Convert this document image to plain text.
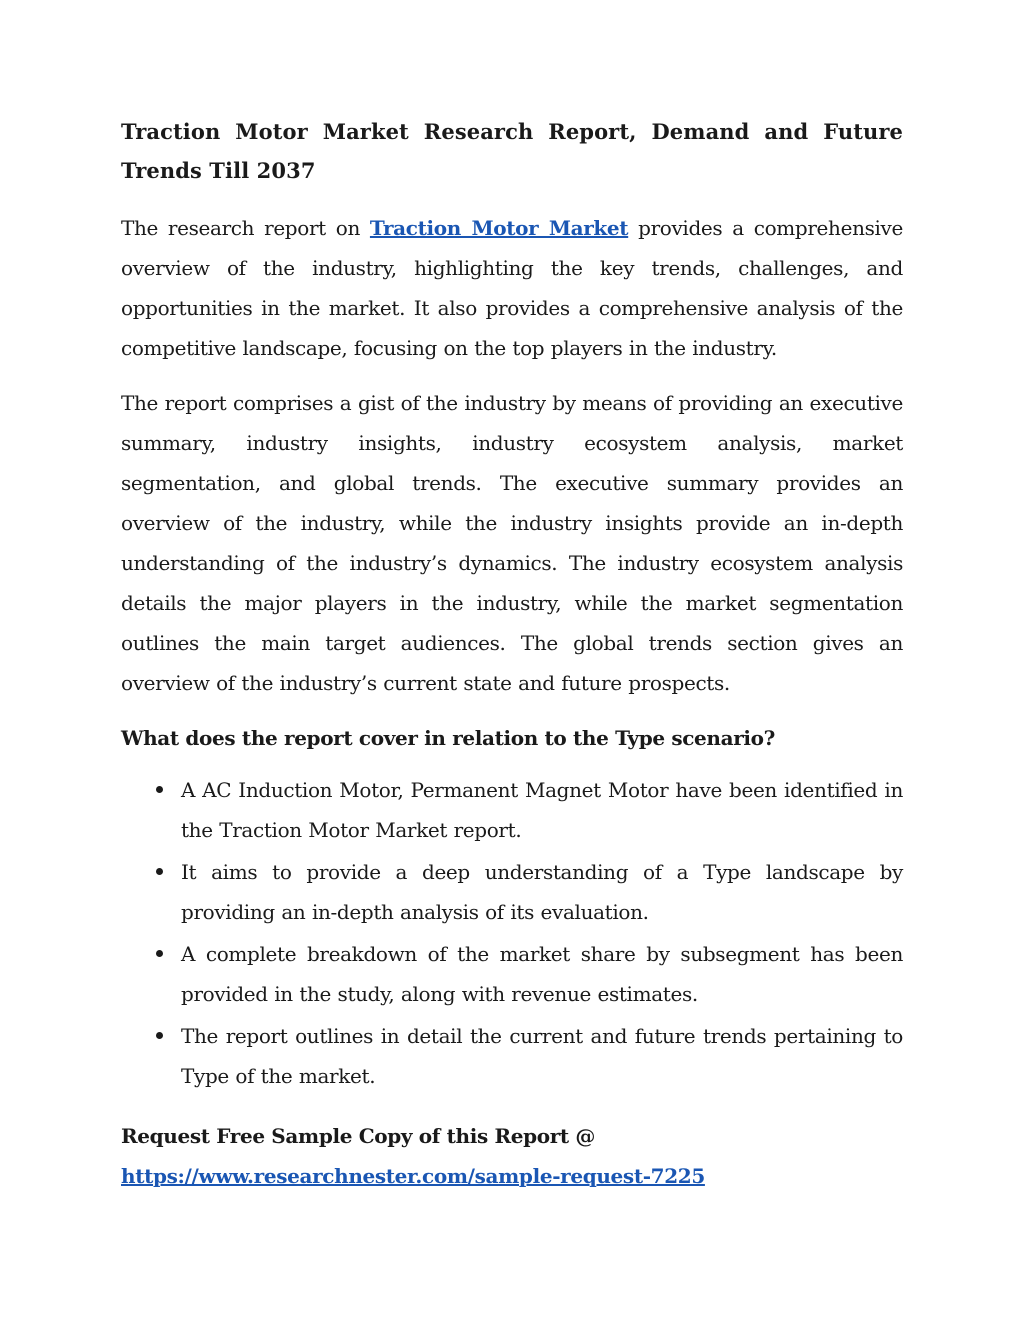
Traction Motor Market Research Report, Demand and Future Trends Till 2037

The research report on Traction Motor Market provides a comprehensive overview of the industry, highlighting the key trends, challenges, and opportunities in the market. It also provides a comprehensive analysis of the competitive landscape, focusing on the top players in the industry.

The report comprises a gist of the industry by means of providing an executive summary, industry insights, industry ecosystem analysis, market segmentation, and global trends. The executive summary provides an overview of the industry, while the industry insights provide an in-depth understanding of the industry’s dynamics. The industry ecosystem analysis details the major players in the industry, while the market segmentation outlines the main target audiences. The global trends section gives an overview of the industry’s current state and future prospects.

What does the report cover in relation to the Type scenario?
A AC Induction Motor, Permanent Magnet Motor have been identified in the Traction Motor Market report.
It aims to provide a deep understanding of a Type landscape by providing an in-depth analysis of its evaluation.
A complete breakdown of the market share by subsegment has been provided in the study, along with revenue estimates.
The report outlines in detail the current and future trends pertaining to Type of the market.

Request Free Sample Copy of this Report @
https://www.researchnester.com/sample-request-7225
